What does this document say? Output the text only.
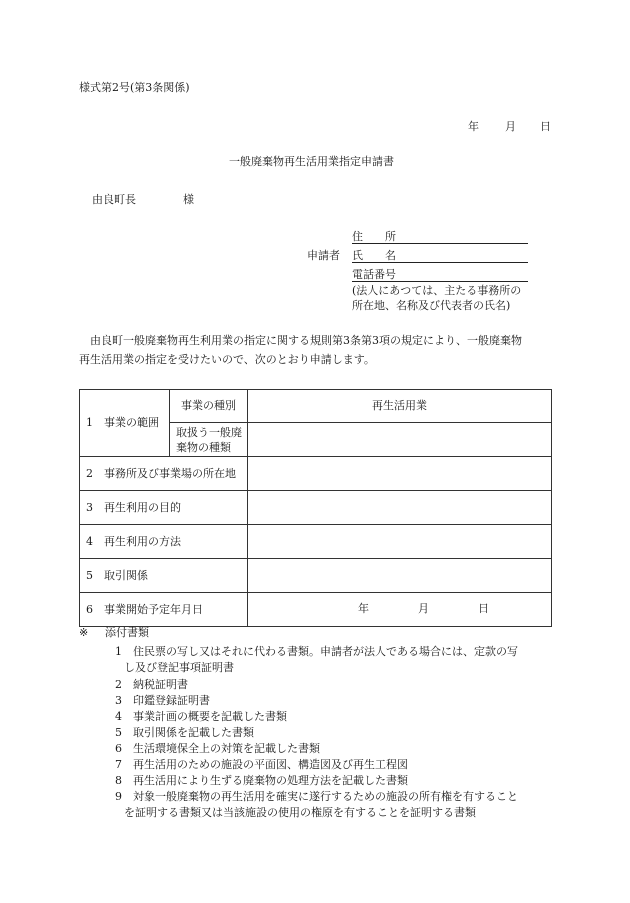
様式第2号(第3条関係)
年 月 日
一般廃棄物再生活用業指定申請書
由良町長	様
申請者
住　　所
氏　　名
電話番号
(法人にあつては、主たる事務所の
所在地、名称及び代表者の氏名)
由良町一般廃棄物再生利用業の指定に関する規則第3条第3項の規定により、一般廃棄物
再生活用業の指定を受けたいので、次のとおり申請します。
1　事業の範囲	事業の種別	再生活用業

	取扱う一般廃
棄物の種類	

2　事務所及び事業場の所在地		
3　再生利用の目的		
4　再生利用の方法		
5　取引関係		
6　事業開始予定年月日		年 月 日
※ 添付書類
1　住民票の写し又はそれに代わる書類。申請者が法人である場合には、定款の写
し及び登記事項証明書
2　納税証明書
3　印鑑登録証明書
4　事業計画の概要を記載した書類
5　取引関係を記載した書類
6　生活環境保全上の対策を記載した書類
7　再生活用のための施設の平面図、構造図及び再生工程図
8　再生活用により生ずる廃棄物の処理方法を記載した書類
9　対象一般廃棄物の再生活用を確実に遂行するための施設の所有権を有すること
を証明する書類又は当該施設の使用の権原を有することを証明する書類
